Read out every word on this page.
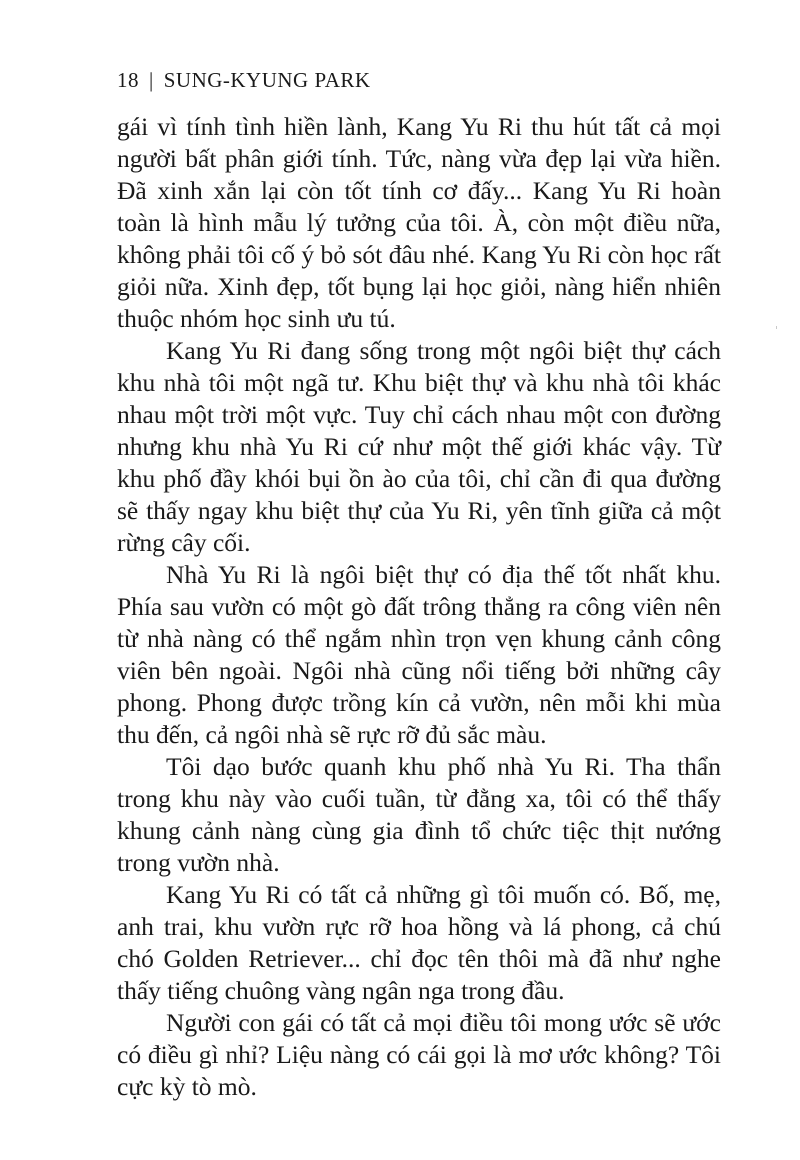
18 | SUNG-KYUNG PARK
gái vì tính tình hiền lành, Kang Yu Ri thu hút tất cả mọi
người bất phân giới tính. Tức, nàng vừa đẹp lại vừa hiền.
Đã xinh xắn lại còn tốt tính cơ đấy... Kang Yu Ri hoàn
toàn là hình mẫu lý tưởng của tôi. À, còn một điều nữa,
không phải tôi cố ý bỏ sót đâu nhé. Kang Yu Ri còn học rất
giỏi nữa. Xinh đẹp, tốt bụng lại học giỏi, nàng hiển nhiên
thuộc nhóm học sinh ưu tú.
Kang Yu Ri đang sống trong một ngôi biệt thự cách
khu nhà tôi một ngã tư. Khu biệt thự và khu nhà tôi khác
nhau một trời một vực. Tuy chỉ cách nhau một con đường
nhưng khu nhà Yu Ri cứ như một thế giới khác vậy. Từ
khu phố đầy khói bụi ồn ào của tôi, chỉ cần đi qua đường
sẽ thấy ngay khu biệt thự của Yu Ri, yên tĩnh giữa cả một
rừng cây cối.
Nhà Yu Ri là ngôi biệt thự có địa thế tốt nhất khu.
Phía sau vườn có một gò đất trông thẳng ra công viên nên
từ nhà nàng có thể ngắm nhìn trọn vẹn khung cảnh công
viên bên ngoài. Ngôi nhà cũng nổi tiếng bởi những cây
phong. Phong được trồng kín cả vườn, nên mỗi khi mùa
thu đến, cả ngôi nhà sẽ rực rỡ đủ sắc màu.
Tôi dạo bước quanh khu phố nhà Yu Ri. Tha thẩn
trong khu này vào cuối tuần, từ đằng xa, tôi có thể thấy
khung cảnh nàng cùng gia đình tổ chức tiệc thịt nướng
trong vườn nhà.
Kang Yu Ri có tất cả những gì tôi muốn có. Bố, mẹ,
anh trai, khu vườn rực rỡ hoa hồng và lá phong, cả chú
chó Golden Retriever... chỉ đọc tên thôi mà đã như nghe
thấy tiếng chuông vàng ngân nga trong đầu.
Người con gái có tất cả mọi điều tôi mong ước sẽ ước
có điều gì nhỉ? Liệu nàng có cái gọi là mơ ước không? Tôi
cực kỳ tò mò.
